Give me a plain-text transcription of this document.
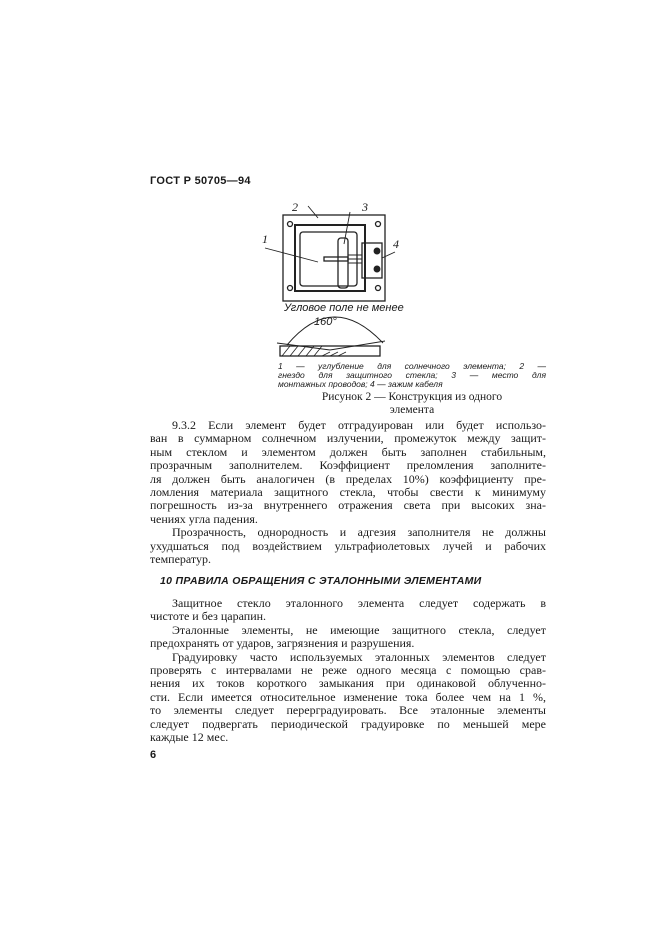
ГОСТ Р 50705—94
2	3
1	4
Угловое поле не менее
160°
1 — углубление для солнечного элемента; 2 —
гнездо для защитного стекла; 3 — место для
монтажных проводов; 4 — зажим кабеля
Рисунок 2 — Конструкция из одного
элемента
9.3.2 Если элемент будет отградуирован или будет использо-
ван в суммарном солнечном излучении, промежуток между защит-
ным стеклом и элементом должен быть заполнен стабильным,
прозрачным заполнителем. Коэффициент преломления заполните-
ля должен быть аналогичен (в пределах 10%) коэффициенту пре-
ломления материала защитного стекла, чтобы свести к минимуму
погрешность из-за внутреннего отражения света при высоких зна-
чениях угла падения.
Прозрачность, однородность и адгезия заполнителя не должны
ухудшаться под воздействием ультрафиолетовых лучей и рабочих
температур.
Защитное стекло эталонного элемента следует содержать в
чистоте и без царапин.
Эталонные элементы, не имеющие защитного стекла, следует
предохранять от ударов, загрязнения и разрушения.
Градуировку часто используемых эталонных элементов следует
проверять с интервалами не реже одного месяца с помощью срав-
нения их токов короткого замыкания при одинаковой облученно-
сти. Если имеется относительное изменение тока более чем на 1 %,
то элементы следует перерградуировать. Все эталонные элементы
следует подвергать периодической градуировке по меньшей мере
каждые 12 мес.
10 ПРАВИЛА ОБРАЩЕНИЯ С ЭТАЛОННЫМИ ЭЛЕМЕНТАМИ
6
